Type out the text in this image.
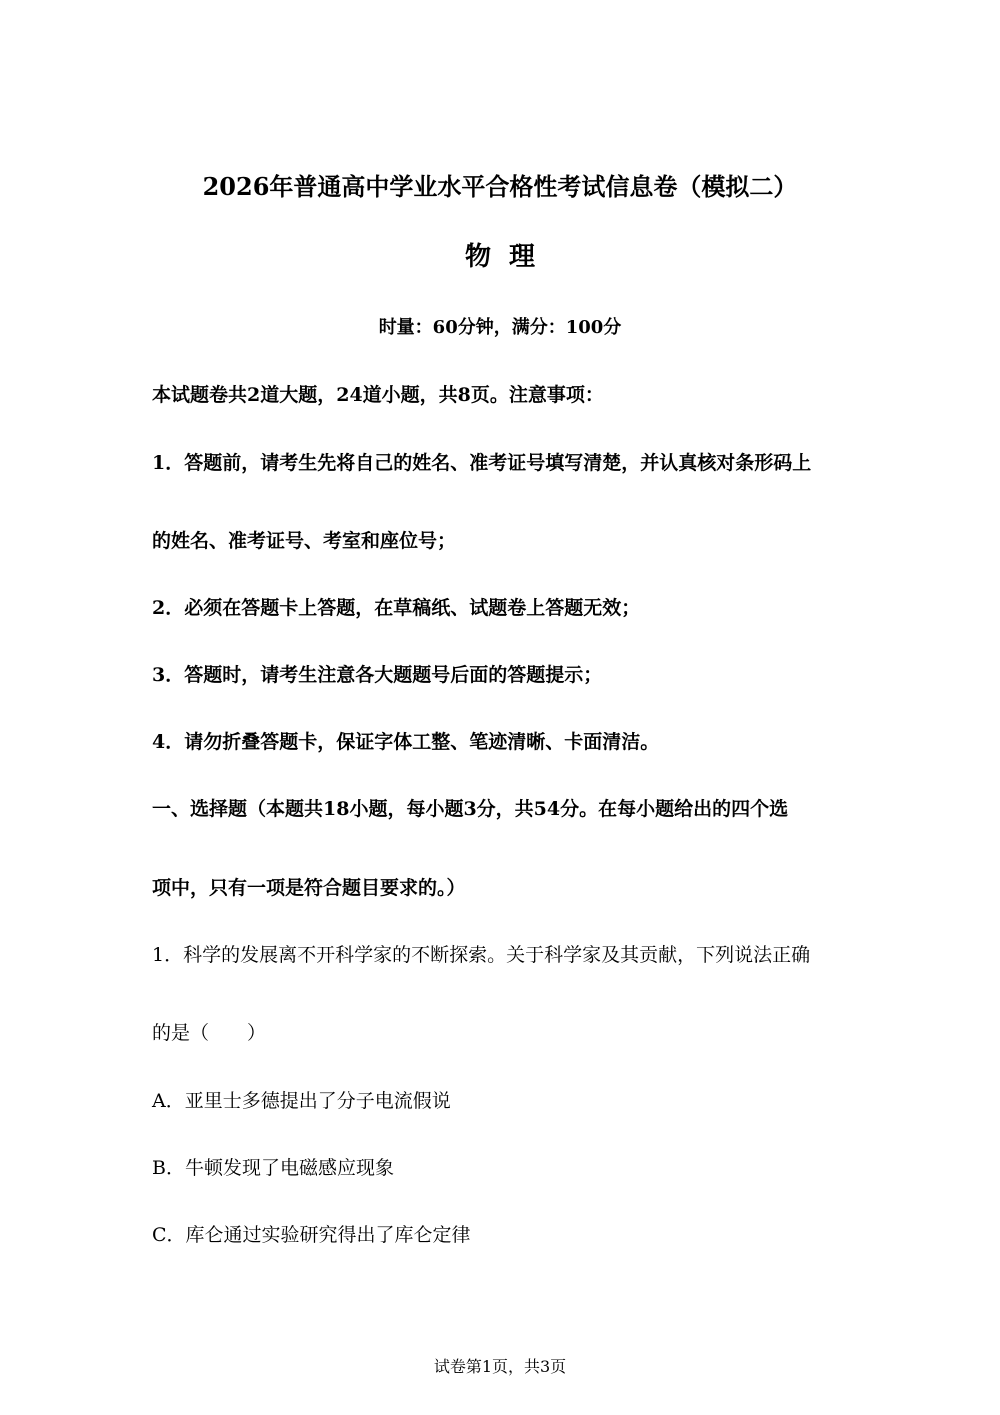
2026年普通高中学业水平合格性考试信息卷（模拟二）
物理
时量：60分钟，满分：100分
本试题卷共2道大题，24道小题，共8页。注意事项：
1．答题前，请考生先将自己的姓名、准考证号填写清楚，并认真核对条形码上
的姓名、准考证号、考室和座位号；
2．必须在答题卡上答题，在草稿纸、试题卷上答题无效；
3．答题时，请考生注意各大题题号后面的答题提示；
4．请勿折叠答题卡，保证字体工整、笔迹清晰、卡面清洁。
一、选择题（本题共18小题，每小题3分，共54分。在每小题给出的四个选
项中，只有一项是符合题目要求的。）
1．科学的发展离不开科学家的不断探索。关于科学家及其贡献，下列说法正确
的是（　　）
A．亚里士多德提出了分子电流假说
B．牛顿发现了电磁感应现象
C．库仑通过实验研究得出了库仑定律
试卷第1页，共3页
